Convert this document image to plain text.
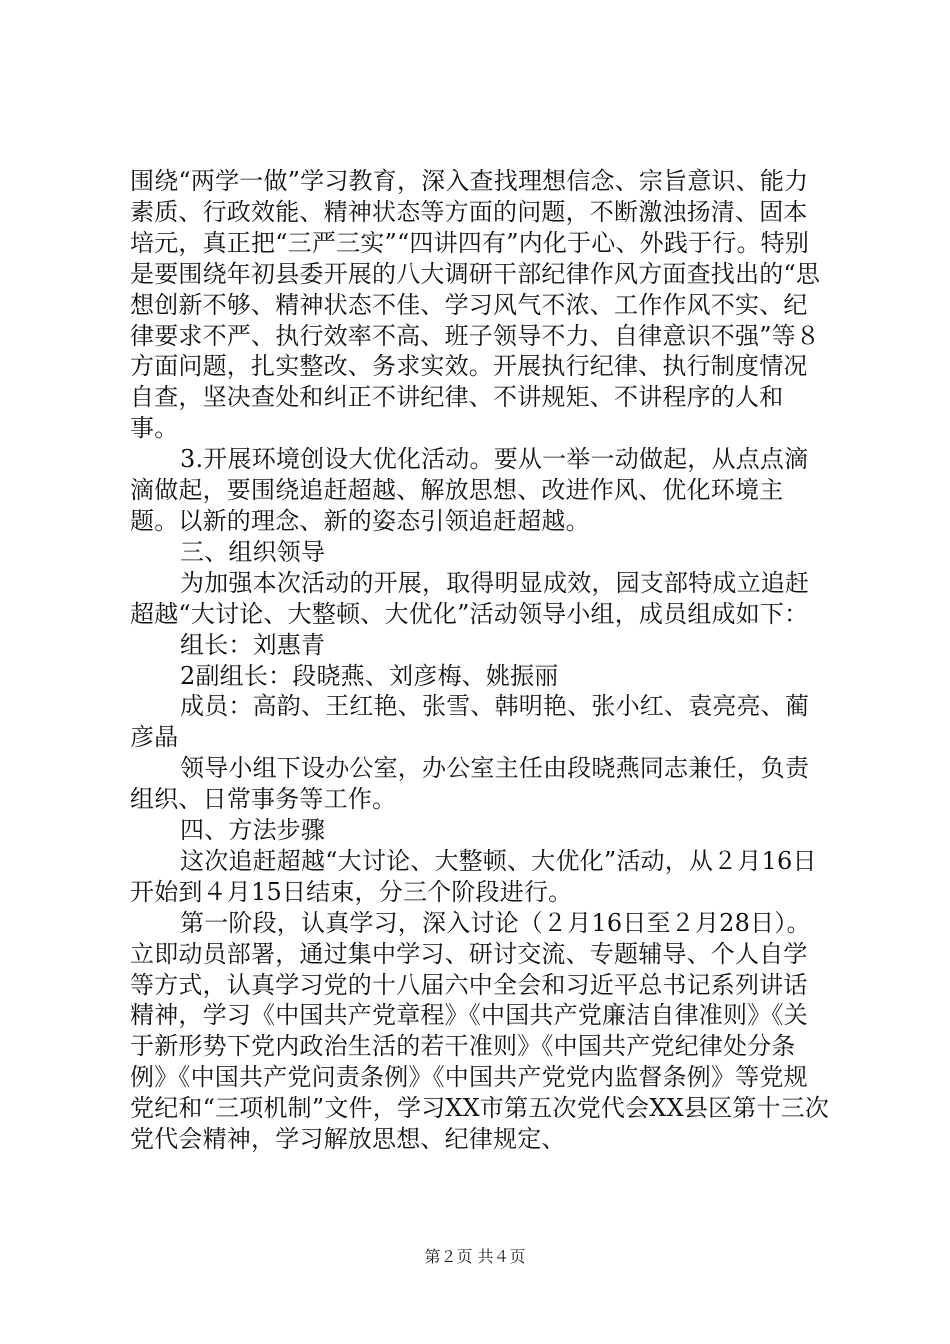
围绕“两学一做”学习教育，深入查找理想信念、宗旨意识、能力素质、行政效能、精神状态等方面的问题，不断激浊扬清、固本培元，真正把“三严三实”“四讲四有”内化于心、外践于行。特别是要围绕年初县委开展的八大调研干部纪律作风方面查找出的“思想创新不够、精神状态不佳、学习风气不浓、工作作风不实、纪律要求不严、执行效率不高、班子领导不力、自律意识不强”等８方面问题，扎实整改、务求实效。开展执行纪律、执行制度情况自查，坚决查处和纠正不讲纪律、不讲规矩、不讲程序的人和事。

3.开展环境创设大优化活动。要从一举一动做起，从点点滴滴做起，要围绕追赶超越、解放思想、改进作风、优化环境主题。以新的理念、新的姿态引领追赶超越。

三、组织领导

为加强本次活动的开展，取得明显成效，园支部特成立追赶超越“大讨论、大整顿、大优化”活动领导小组，成员组成如下：

组长：刘惠青

2副组长：段晓燕、刘彦梅、姚振丽

成员：高韵、王红艳、张雪、韩明艳、张小红、袁亮亮、蔺彦晶

领导小组下设办公室，办公室主任由段晓燕同志兼任，负责组织、日常事务等工作。

四、方法步骤

这次追赶超越“大讨论、大整顿、大优化”活动，从２月16日开始到４月15日结束，分三个阶段进行。

第一阶段，认真学习，深入讨论（２月16日至２月28日）。立即动员部署，通过集中学习、研讨交流、专题辅导、个人自学等方式，认真学习党的十八届六中全会和习近平总书记系列讲话精神，学习《中国共产党章程》《中国共产党廉洁自律准则》《关于新形势下党内政治生活的若干准则》《中国共产党纪律处分条例》《中国共产党问责条例》《中国共产党党内监督条例》等党规党纪和“三项机制”文件，学习XX市第五次党代会XX县区第十三次党代会精神，学习解放思想、纪律规定、

第２页 共４页
